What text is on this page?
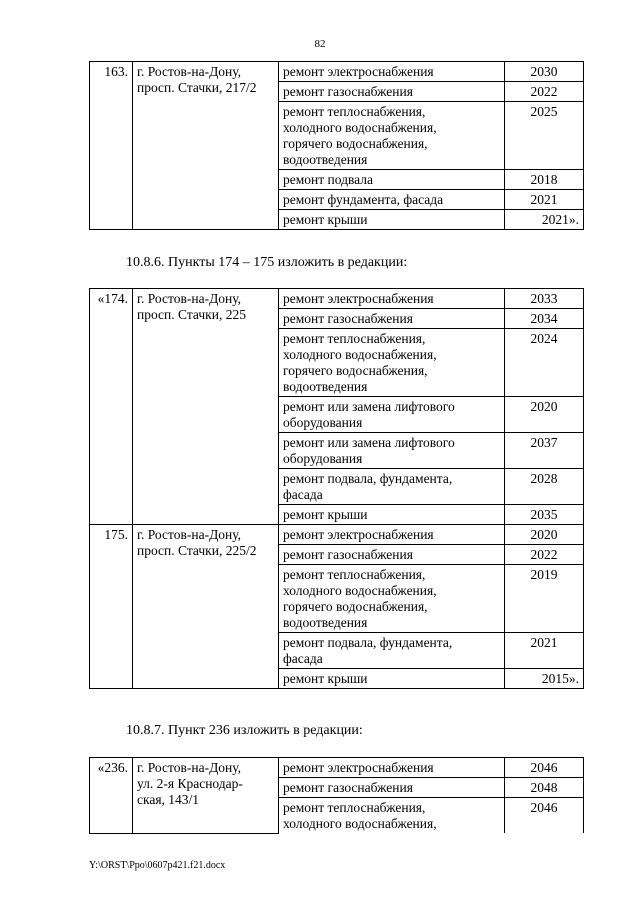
82
163.	г. Ростов-на-Дону,
просп. Стачки, 217/2	ремонт электроснабжения	2030
		ремонт газоснабжения	2022
		ремонт теплоснабжения,
холодного водоснабжения,
горячего водоснабжения,
водоотведения	2025
		ремонт подвала	2018
		ремонт фундамента, фасада	2021
		ремонт крыши	2021».
10.8.6. Пункты 174 – 175 изложить в редакции:
«174.	г. Ростов-на-Дону,
просп. Стачки, 225	ремонт электроснабжения	2033
		ремонт газоснабжения	2034
		ремонт теплоснабжения,
холодного водоснабжения,
горячего водоснабжения,
водоотведения	2024
		ремонт или замена лифтового
оборудования	2020
		ремонт или замена лифтового
оборудования	2037
		ремонт подвала, фундамента,
фасада	2028
		ремонт крыши	2035
175.	г. Ростов-на-Дону,
просп. Стачки, 225/2	ремонт электроснабжения	2020
		ремонт газоснабжения	2022
		ремонт теплоснабжения,
холодного водоснабжения,
горячего водоснабжения,
водоотведения	2019
		ремонт подвала, фундамента,
фасада	2021
		ремонт крыши	2015».
10.8.7. Пункт 236 изложить в редакции:
«236.	г. Ростов-на-Дону,
ул. 2-я Краснодар-
ская, 143/1	ремонт электроснабжения	2046
		ремонт газоснабжения	2048
		ремонт теплоснабжения,
холодного водоснабжения,	2046
Y:\ORST\Ppo\0607p421.f21.docx
